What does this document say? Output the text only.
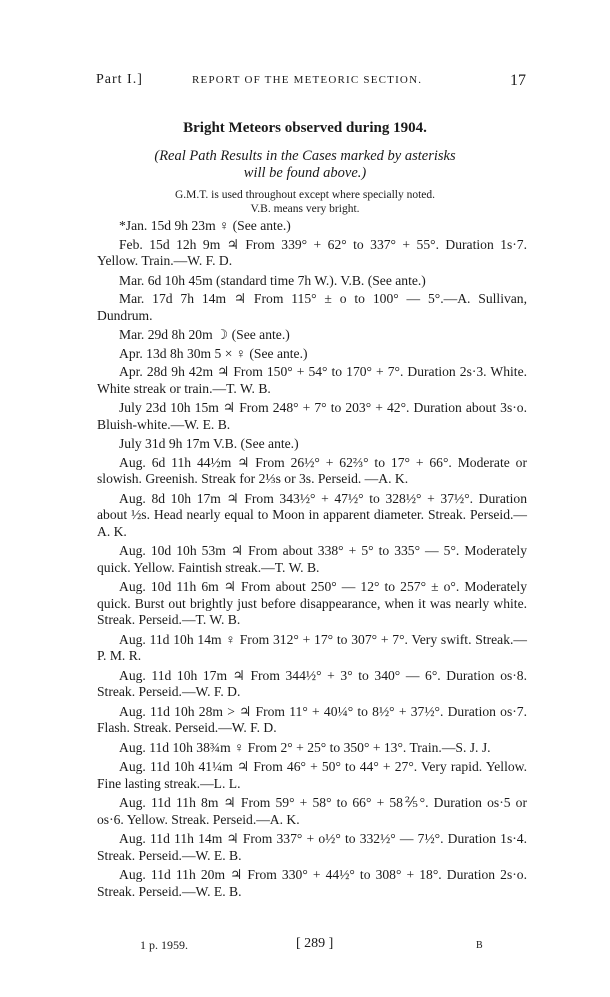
Part I.]	REPORT OF THE METEORIC SECTION.	17
Bright Meteors observed during 1904.
(Real Path Results in the Cases marked by asterisks will be found above.)
G.M.T. is used throughout except where specially noted.
V.B. means very bright.
*Jan. 15d 9h 23m ♀ (See ante.)
Feb. 15d 12h 9m ♃ From 339° + 62° to 337° + 55°. Duration 1s·7. Yellow. Train.—W. F. D.
Mar. 6d 10h 45m (standard time 7h W.). V.B. (See ante.)
Mar. 17d 7h 14m ♃ From 115° ± o to 100° — 5°.—A. Sullivan, Dundrum.
Mar. 29d 8h 20m ☽ (See ante.)
Apr. 13d 8h 30m 5 × ♀ (See ante.)
Apr. 28d 9h 42m ♃ From 150° + 54° to 170° + 7°. Duration 2s·3. White. White streak or train.—T. W. B.
July 23d 10h 15m ♃ From 248° + 7° to 203° + 42°. Duration about 3s·o. Bluish-white.—W. E. B.
July 31d 9h 17m V.B. (See ante.)
Aug. 6d 11h 44½m ♃ From 26½° + 62⅔° to 17° + 66°. Moderate or slowish. Greenish. Streak for 2⅓s or 3s. Perseid. —A. K.
Aug. 8d 10h 17m ♃ From 343½° + 47½° to 328½° + 37½°. Duration about ½s. Head nearly equal to Moon in apparent diameter. Streak. Perseid.—A. K.
Aug. 10d 10h 53m ♃ From about 338° + 5° to 335° — 5°. Moderately quick. Yellow. Faintish streak.—T. W. B.
Aug. 10d 11h 6m ♃ From about 250° — 12° to 257° ± o°. Moderately quick. Burst out brightly just before disappearance, when it was nearly white. Streak. Perseid.—T. W. B.
Aug. 11d 10h 14m ♀ From 312° + 17° to 307° + 7°. Very swift. Streak.—P. M. R.
Aug. 11d 10h 17m ♃ From 344½° + 3° to 340° — 6°. Duration os·8. Streak. Perseid.—W. F. D.
Aug. 11d 10h 28m > ♃ From 11° + 40¼° to 8½° + 37½°. Duration os·7. Flash. Streak. Perseid.—W. F. D.
Aug. 11d 10h 38¾m ♀ From 2° + 25° to 350° + 13°. Train.—S. J. J.
Aug. 11d 10h 41¼m ♃ From 46° + 50° to 44° + 27°. Very rapid. Yellow. Fine lasting streak.—L. L.
Aug. 11d 11h 8m ♃ From 59° + 58° to 66° + 58⅖°. Duration os·5 or os·6. Yellow. Streak. Perseid.—A. K.
Aug. 11d 11h 14m ♃ From 337° + o½° to 332½° — 7½°. Duration 1s·4. Streak. Perseid.—W. E. B.
Aug. 11d 11h 20m ♃ From 330° + 44½° to 308° + 18°. Duration 2s·o. Streak. Perseid.—W. E. B.
1 p. 1959.	[ 289 ]	B
